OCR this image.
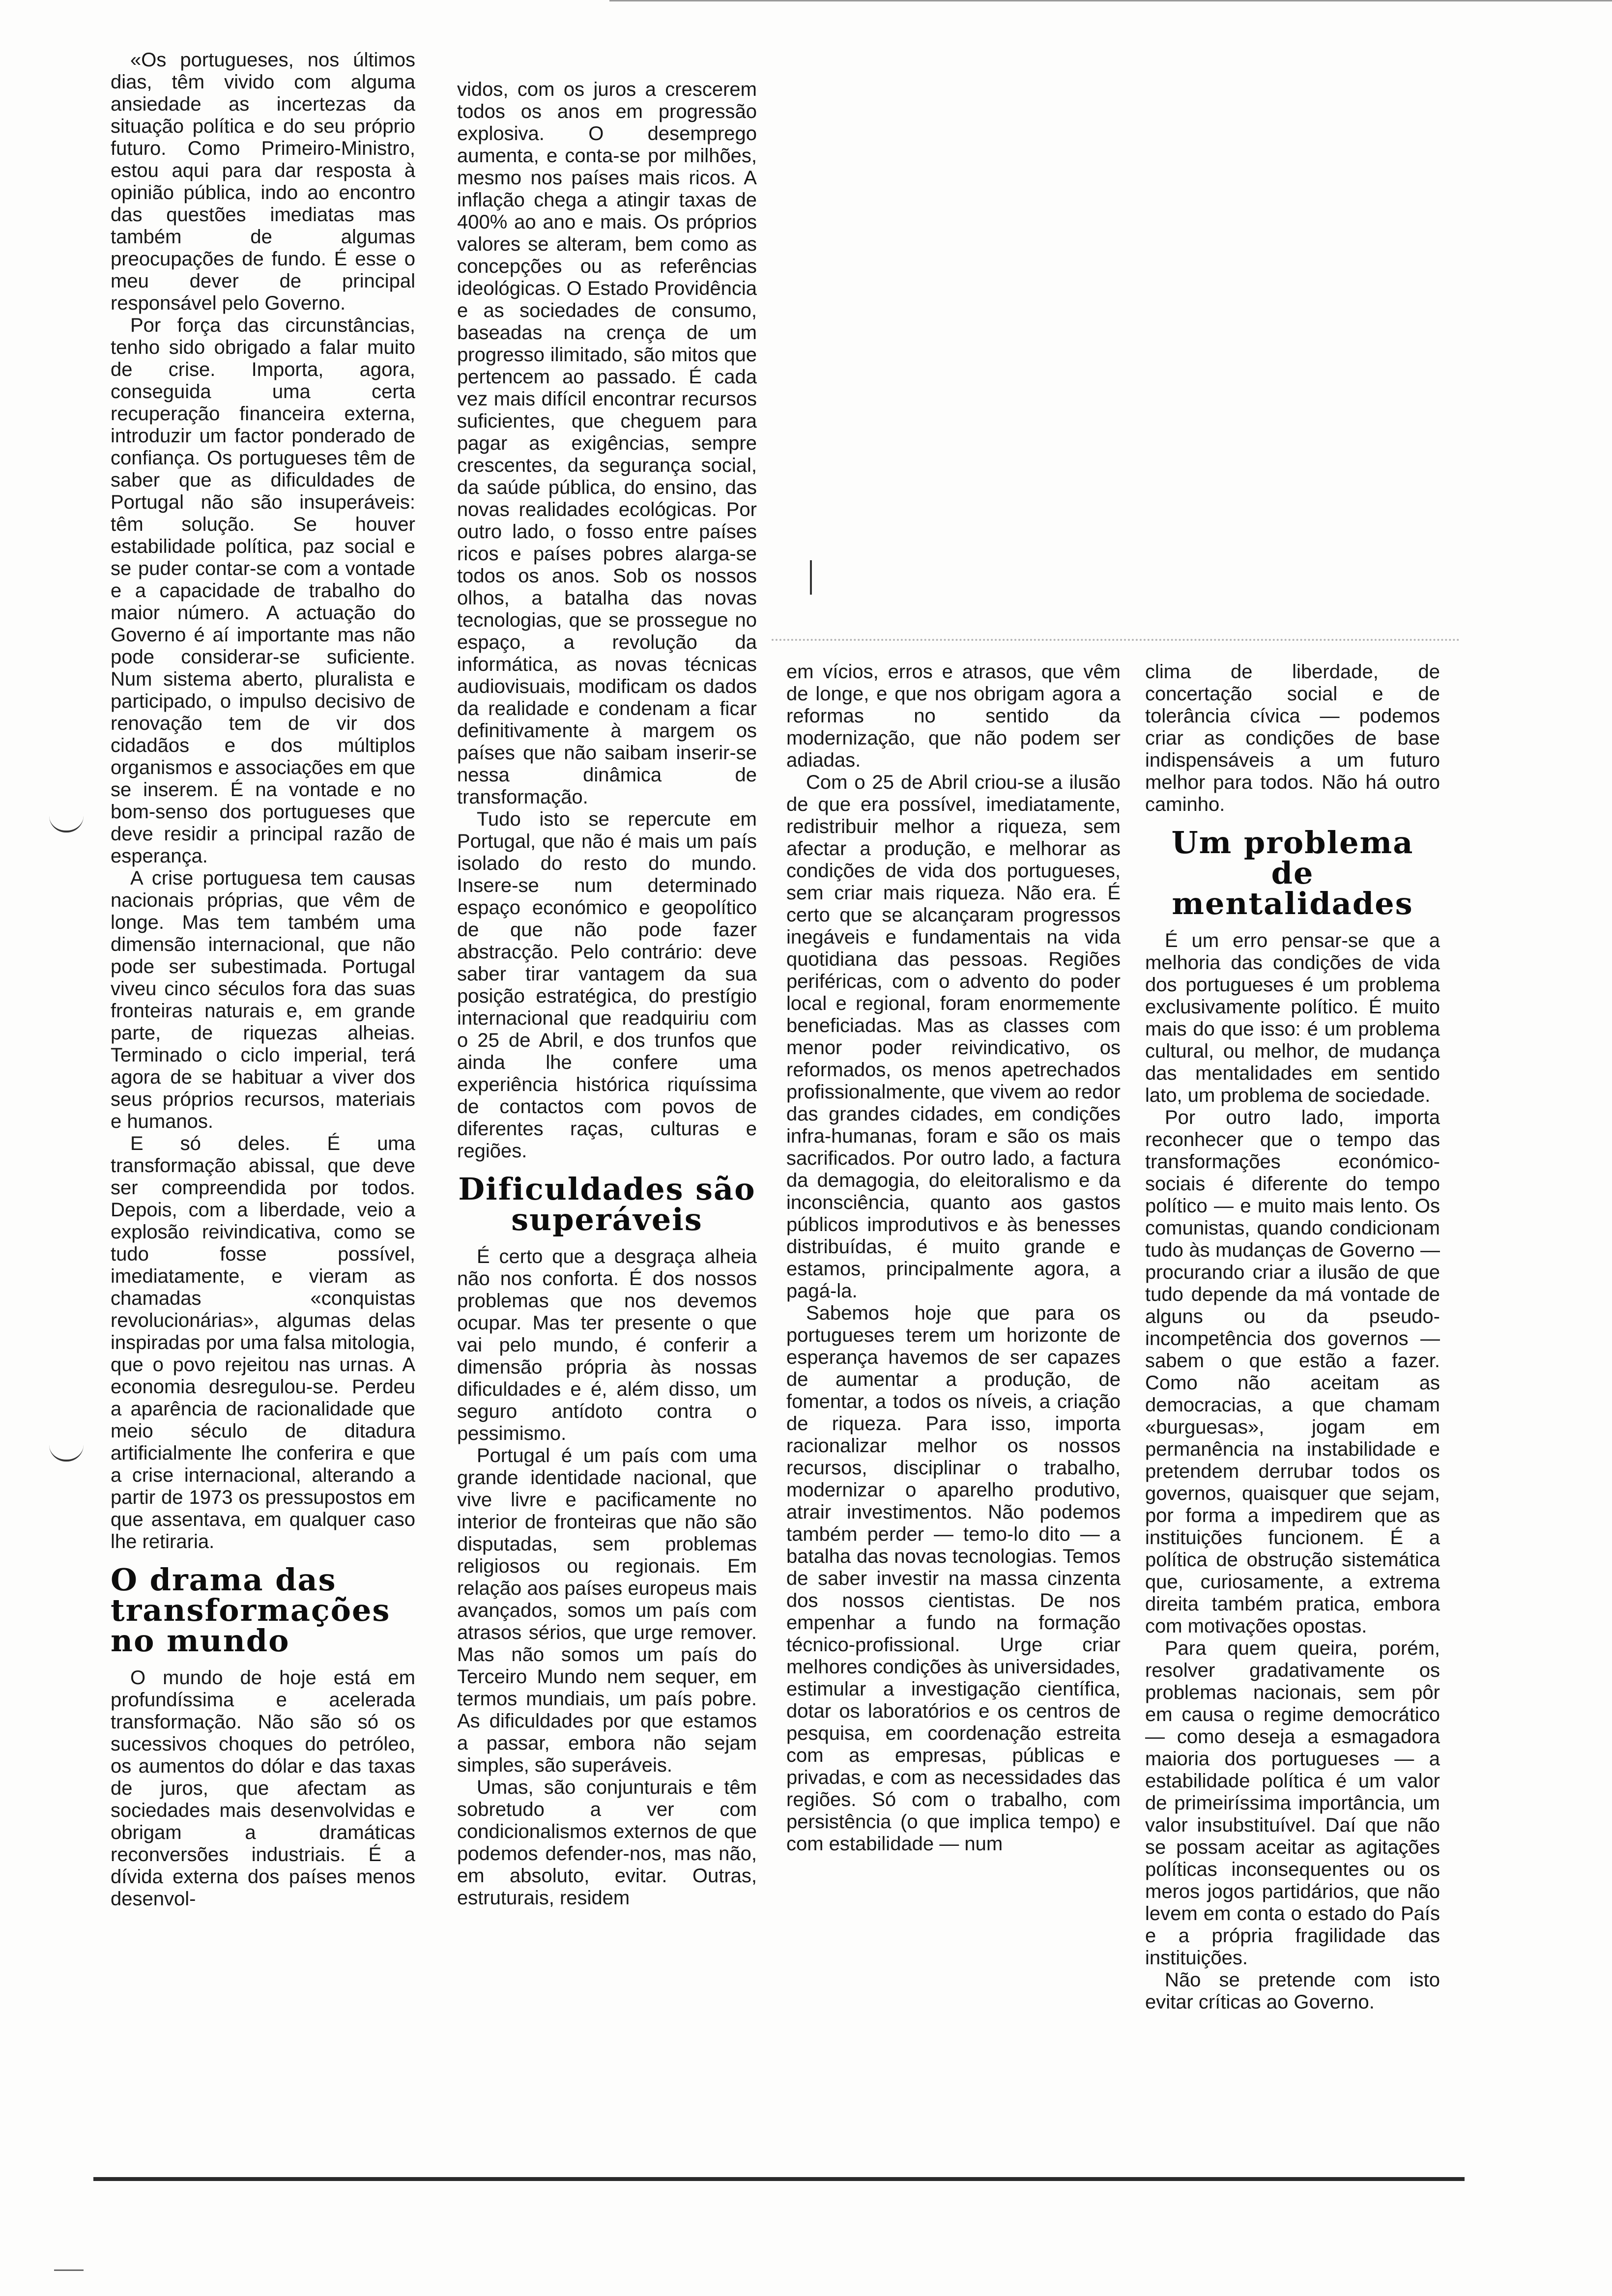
«Os portugueses, nos últimos dias, têm vivido com alguma ansiedade as incertezas da situação política e do seu próprio futuro. Como Primeiro-Ministro, estou aqui para dar resposta à opinião pública, indo ao encontro das questões imediatas mas também de algumas preocupações de fundo. É esse o meu dever de principal responsável pelo Governo.

Por força das circunstâncias, tenho sido obrigado a falar muito de crise. Importa, agora, conseguida uma certa recuperação financeira externa, introduzir um factor ponderado de confiança. Os portugueses têm de saber que as dificuldades de Portugal não são insuperáveis: têm solução. Se houver estabilidade política, paz social e se puder contar-se com a vontade e a capacidade de trabalho do maior número. A actuação do Governo é aí importante mas não pode considerar-se suficiente. Num sistema aberto, pluralista e participado, o impulso decisivo de renovação tem de vir dos cidadãos e dos múltiplos organismos e associações em que se inserem. É na vontade e no bom-senso dos portugueses que deve residir a principal razão de esperança.

A crise portuguesa tem causas nacionais próprias, que vêm de longe. Mas tem também uma dimensão internacional, que não pode ser subestimada. Portugal viveu cinco séculos fora das suas fronteiras naturais e, em grande parte, de riquezas alheias. Terminado o ciclo imperial, terá agora de se habituar a viver dos seus próprios recursos, materiais e humanos.

E só deles. É uma transformação abissal, que deve ser compreendida por todos. Depois, com a liberdade, veio a explosão reivindicativa, como se tudo fosse possível, imediatamente, e vieram as chamadas «conquistas revolucionárias», algumas delas inspiradas por uma falsa mitologia, que o povo rejeitou nas urnas. A economia desregulou-se. Perdeu a aparência de racionalidade que meio século de ditadura artificialmente lhe conferira e que a crise internacional, alterando a partir de 1973 os pressupostos em que assentava, em qualquer caso lhe retiraria.

O drama das transformações no mundo

O mundo de hoje está em profundíssima e acelerada transformação. Não são só os sucessivos choques do petróleo, os aumentos do dólar e das taxas de juros, que afectam as sociedades mais desenvolvidas e obrigam a dramáticas reconversões industriais. É a dívida externa dos países menos desenvol-

vidos, com os juros a crescerem todos os anos em progressão explosiva. O desemprego aumenta, e conta-se por milhões, mesmo nos países mais ricos. A inflação chega a atingir taxas de 400% ao ano e mais. Os próprios valores se alteram, bem como as concepções ou as referências ideológicas. O Estado Providência e as sociedades de consumo, baseadas na crença de um progresso ilimitado, são mitos que pertencem ao passado. É cada vez mais difícil encontrar recursos suficientes, que cheguem para pagar as exigências, sempre crescentes, da segurança social, da saúde pública, do ensino, das novas realidades ecológicas. Por outro lado, o fosso entre países ricos e países pobres alarga-se todos os anos. Sob os nossos olhos, a batalha das novas tecnologias, que se prossegue no espaço, a revolução da informática, as novas técnicas audiovisuais, modificam os dados da realidade e condenam a ficar definitivamente à margem os países que não saibam inserir-se nessa dinâmica de transformação.

Tudo isto se repercute em Portugal, que não é mais um país isolado do resto do mundo. Insere-se num determinado espaço económico e geopolítico de que não pode fazer abstracção. Pelo contrário: deve saber tirar vantagem da sua posição estratégica, do prestígio internacional que readquiriu com o 25 de Abril, e dos trunfos que ainda lhe confere uma experiência histórica riquíssima de contactos com povos de diferentes raças, culturas e regiões.

Dificuldades são superáveis

É certo que a desgraça alheia não nos conforta. É dos nossos problemas que nos devemos ocupar. Mas ter presente o que vai pelo mundo, é conferir a dimensão própria às nossas dificuldades e é, além disso, um seguro antídoto contra o pessimismo.

Portugal é um país com uma grande identidade nacional, que vive livre e pacificamente no interior de fronteiras que não são disputadas, sem problemas religiosos ou regionais. Em relação aos países europeus mais avançados, somos um país com atrasos sérios, que urge remover. Mas não somos um país do Terceiro Mundo nem sequer, em termos mundiais, um país pobre. As dificuldades por que estamos a passar, embora não sejam simples, são superáveis.

Umas, são conjunturais e têm sobretudo a ver com condicionalismos externos de que podemos defender-nos, mas não, em absoluto, evitar. Outras, estruturais, residem

em vícios, erros e atrasos, que vêm de longe, e que nos obrigam agora a reformas no sentido da modernização, que não podem ser adiadas.

Com o 25 de Abril criou-se a ilusão de que era possível, imediatamente, redistribuir melhor a riqueza, sem afectar a produção, e melhorar as condições de vida dos portugueses, sem criar mais riqueza. Não era. É certo que se alcançaram progressos inegáveis e fundamentais na vida quotidiana das pessoas. Regiões periféricas, com o advento do poder local e regional, foram enormemente beneficiadas. Mas as classes com menor poder reivindicativo, os reformados, os menos apetrechados profissionalmente, que vivem ao redor das grandes cidades, em condições infra-humanas, foram e são os mais sacrificados. Por outro lado, a factura da demagogia, do eleitoralismo e da inconsciência, quanto aos gastos públicos improdutivos e às benesses distribuídas, é muito grande e estamos, principalmente agora, a pagá-la.

Sabemos hoje que para os portugueses terem um horizonte de esperança havemos de ser capazes de aumentar a produção, de fomentar, a todos os níveis, a criação de riqueza. Para isso, importa racionalizar melhor os nossos recursos, disciplinar o trabalho, modernizar o aparelho produtivo, atrair investimentos. Não podemos também perder — temo-lo dito — a batalha das novas tecnologias. Temos de saber investir na massa cinzenta dos nossos cientistas. De nos empenhar a fundo na formação técnico-profissional. Urge criar melhores condições às universidades, estimular a investigação científica, dotar os laboratórios e os centros de pesquisa, em coordenação estreita com as empresas, públicas e privadas, e com as necessidades das regiões. Só com o trabalho, com persistência (o que implica tempo) e com estabilidade — num

clima de liberdade, de concertação social e de tolerância cívica — podemos criar as condições de base indispensáveis a um futuro melhor para todos. Não há outro caminho.

Um problema de mentalidades

É um erro pensar-se que a melhoria das condições de vida dos portugueses é um problema exclusivamente político. É muito mais do que isso: é um problema cultural, ou melhor, de mudança das mentalidades em sentido lato, um problema de sociedade.

Por outro lado, importa reconhecer que o tempo das transformações económico-sociais é diferente do tempo político — e muito mais lento. Os comunistas, quando condicionam tudo às mudanças de Governo — procurando criar a ilusão de que tudo depende da má vontade de alguns ou da pseudo-incompetência dos governos — sabem o que estão a fazer. Como não aceitam as democracias, a que chamam «burguesas», jogam em permanência na instabilidade e pretendem derrubar todos os governos, quaisquer que sejam, por forma a impedirem que as instituições funcionem. É a política de obstrução sistemática que, curiosamente, a extrema direita também pratica, embora com motivações opostas.

Para quem queira, porém, resolver gradativamente os problemas nacionais, sem pôr em causa o regime democrático — como deseja a esmagadora maioria dos portugueses — a estabilidade política é um valor de primeiríssima importância, um valor insubstituível. Daí que não se possam aceitar as agitações políticas inconsequentes ou os meros jogos partidários, que não levem em conta o estado do País e a própria fragilidade das instituições.

Não se pretende com isto evitar críticas ao Governo.
